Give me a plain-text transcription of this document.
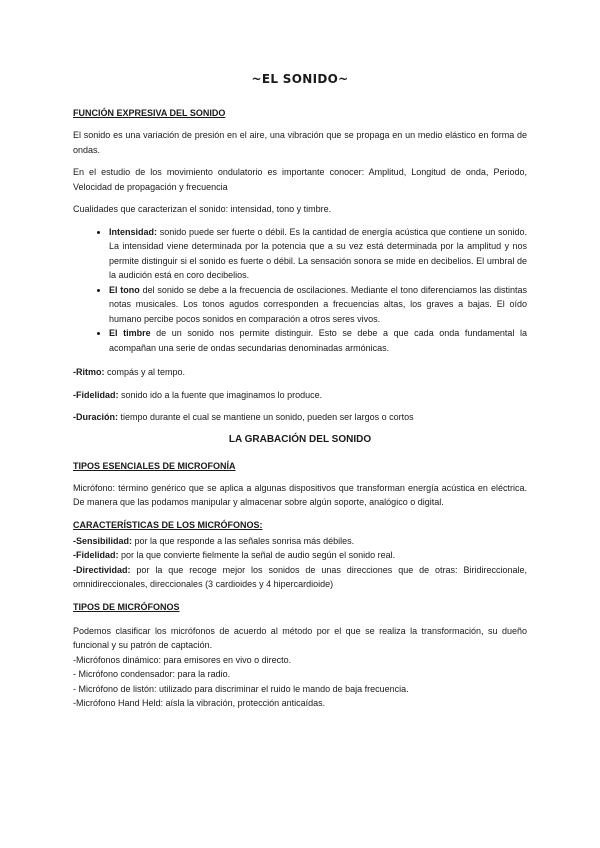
~EL SONIDO~
FUNCIÓN EXPRESIVA DEL SONIDO

El sonido es una variación de presión en el aire, una vibración que se propaga en un medio elástico en forma de ondas.

En el estudio de los movimiento ondulatorio es importante conocer: Amplitud, Longitud de onda, Periodo, Velocidad de propagación y frecuencia

Cualidades que caracterizan el sonido: intensidad, tono y timbre.

• Intensidad: sonido puede ser fuerte o débil. Es la cantidad de energía acústica que contiene un sonido. La intensidad viene determinada por la potencia que a su vez está determinada por la amplitud y nos permite distinguir si el sonido es fuerte o débil. La sensación sonora se mide en decibelios. El umbral de la audición está en coro decibelios.
• El tono del sonido se debe a la frecuencia de oscilaciones. Mediante el tono diferenciamos las distintas notas musicales. Los tonos agudos corresponden a frecuencias altas, los graves a bajas. El oído humano percibe pocos sonidos en comparación a otros seres vivos.
• El timbre de un sonido nos permite distinguir. Esto se debe a que cada onda fundamental la acompañan una serie de ondas secundarias denominadas armónicas.

-Ritmo: compás y al tempo.

-Fidelidad: sonido ido a la fuente que imaginamos lo produce.

-Duración: tiempo durante el cual se mantiene un sonido, pueden ser largos o cortos

LA GRABACIÓN DEL SONIDO
TIPOS ESENCIALES DE MICROFONÍA

Micrófono: término genérico que se aplica a algunas dispositivos que transforman energía acústica en eléctrica. De manera que las podamos manipular y almacenar sobre algún soporte, analógico o digital.

CARACTERÍSTICAS DE LOS MICRÓFONOS:

-Sensibilidad: por la que responde a las señales sonrisa más débiles.

-Fidelidad: por la que convierte fielmente la señal de audio según el sonido real.

-Directividad: por la que recoge mejor los sonidos de unas direcciones que de otras: Biridireccionale, omnidireccionales, direccionales (3 cardioides y 4 hipercardioide)

TIPOS DE MICRÓFONOS

Podemos clasificar los micrófonos de acuerdo al método por el que se realiza la transformación, su dueño funcional y su patrón de captación.

-Micrófonos dinámico: para emisores en vivo o directo.

- Micrófono condensador: para la radio.

- Micrófono de listón: utilizado para discriminar el ruido le mando de baja frecuencia.

-Micrófono Hand Held: aísla la vibración, protección anticaídas.
